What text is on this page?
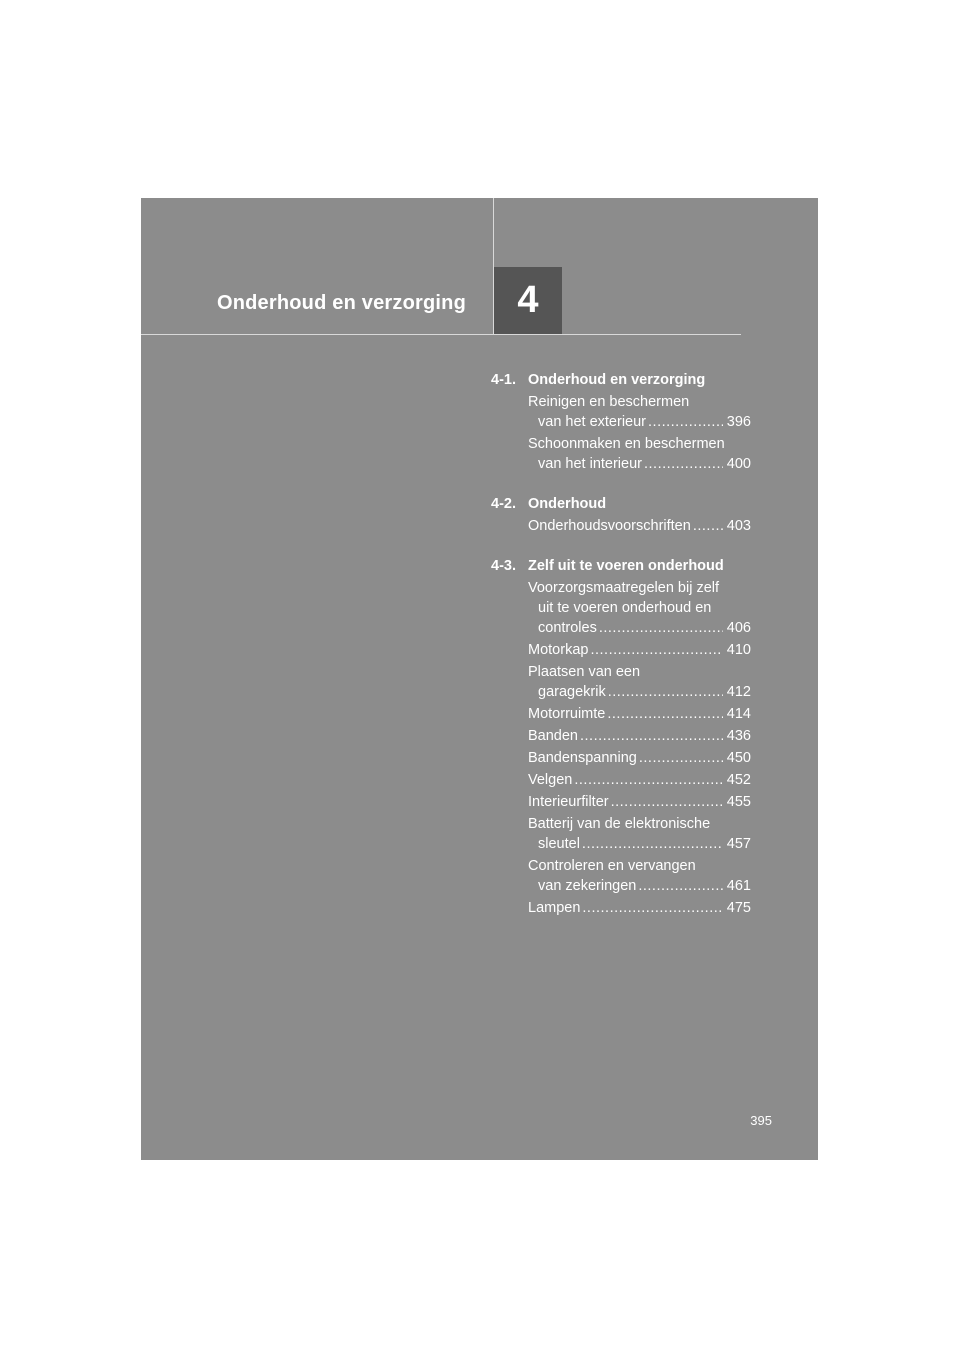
Onderhoud en verzorging	4
4-1. Onderhoud en verzorging
Reinigen en beschermen
van het exterieur .....	396
Schoonmaken en beschermen
van het interieur .....	400
4-2. Onderhoud
Onderhoudsvoorschriften ..... 403
4-3. Zelf uit te voeren onderhoud
Voorzorgsmaatregelen bij zelf
uit te voeren onderhoud en
controles .....	406
Motorkap .....	410
Plaatsen van een
garagekrik .....	412
Motorruimte .....	414
Banden .....	436
Bandenspanning .....	450
Velgen .....	452
Interieurfilter .....	455
Batterij van de elektronische
sleutel .....	457
Controleren en vervangen
van zekeringen .....	461
Lampen .....	475
395
